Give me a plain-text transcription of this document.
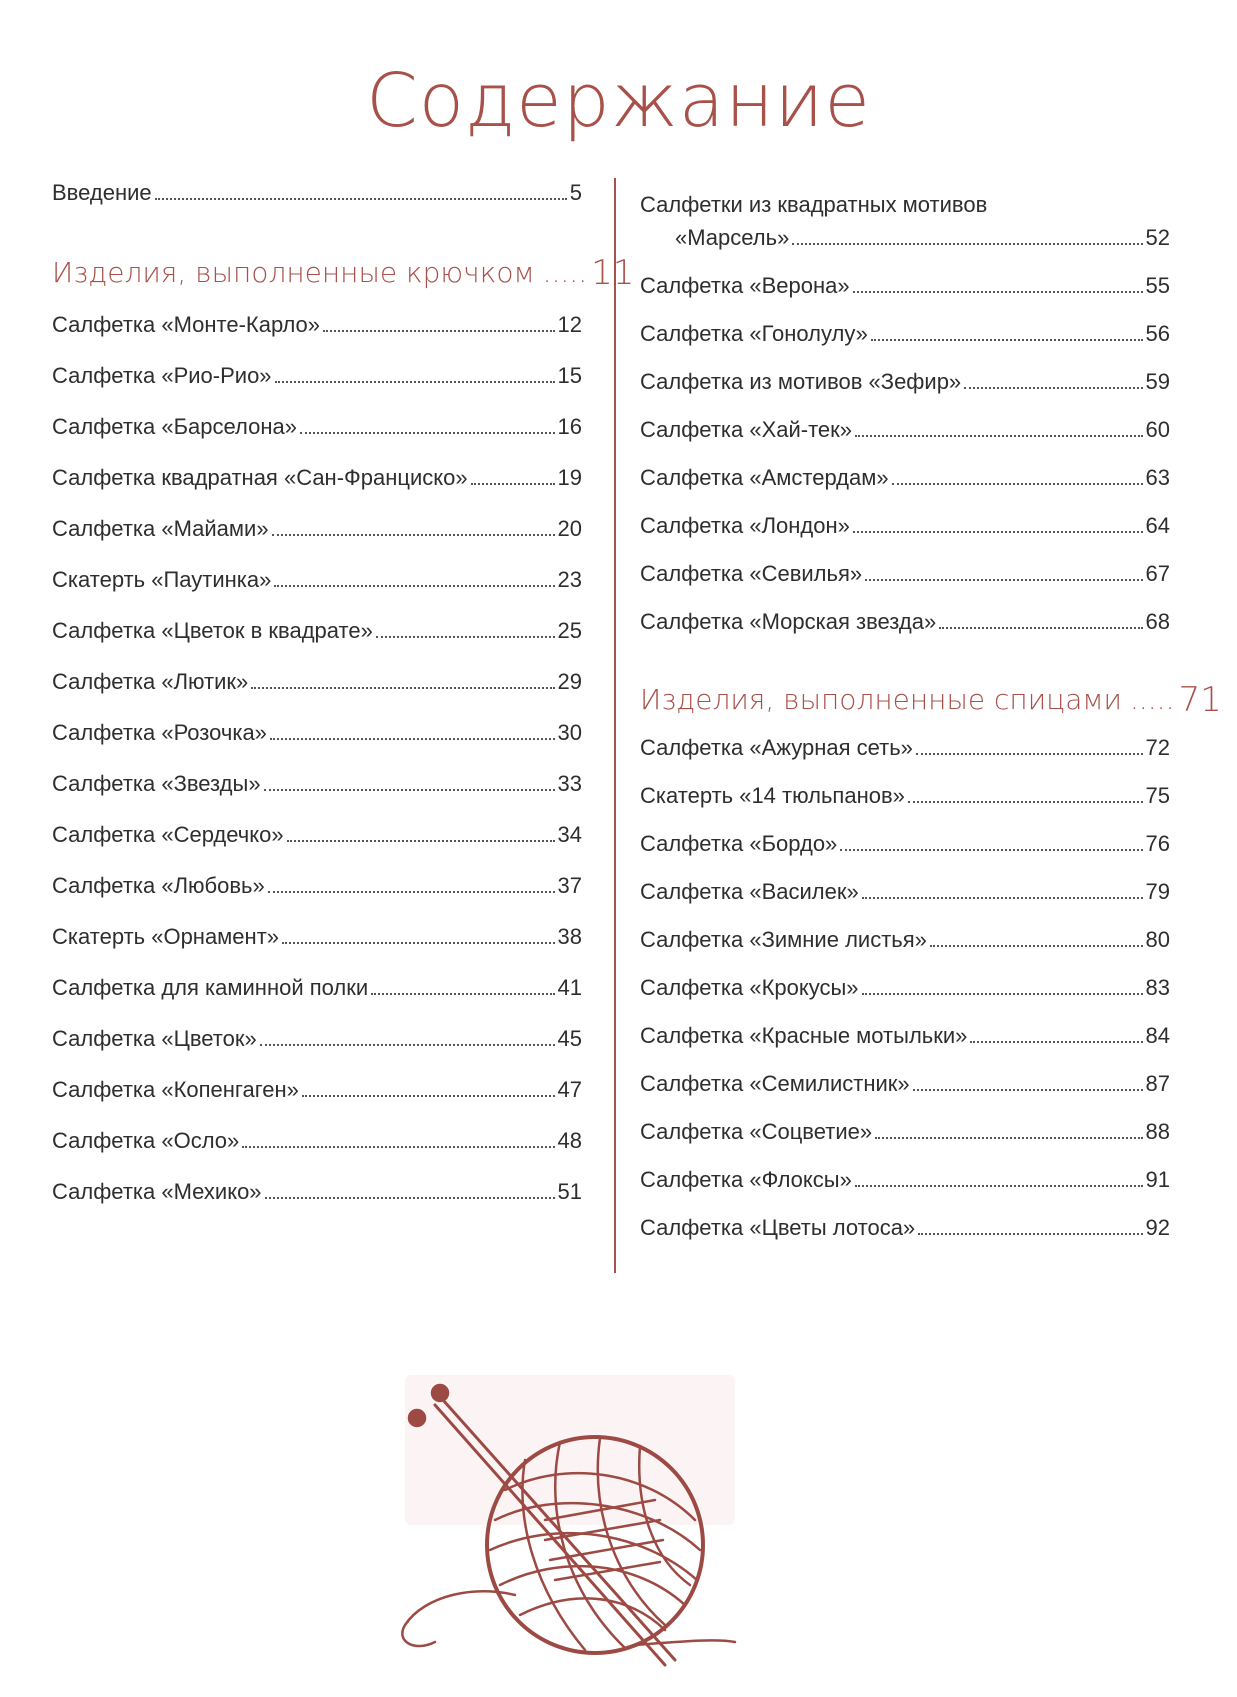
Содержание
Введение	5
Изделия, выполненные крючком ..... 11
Салфетка «Монте-Карло»	12
Салфетка «Рио-Рио»	15
Салфетка «Барселона»	16
Салфетка квадратная «Сан-Франциско»	19
Салфетка «Майами»	20
Скатерть «Паутинка»	23
Салфетка «Цветок в квадрате»	25
Салфетка «Лютик»	29
Салфетка «Розочка»	30
Салфетка «Звезды»	33
Салфетка «Сердечко»	34
Салфетка «Любовь»	37
Скатерть «Орнамент»	38
Салфетка для каминной полки	41
Салфетка «Цветок»	45
Салфетка «Копенгаген»	47
Салфетка «Осло»	48
Салфетка «Мехико»	51
Салфетки из квадратных мотивов
«Марсель»	52
Салфетка «Верона»	55
Салфетка «Гонолулу»	56
Салфетка из мотивов «Зефир»	59
Салфетка «Хай-тек»	60
Салфетка «Амстердам»	63
Салфетка «Лондон»	64
Салфетка «Севилья»	67
Салфетка «Морская звезда»	68
Изделия, выполненные спицами ..... 71
Салфетка «Ажурная сеть»	72
Скатерть «14 тюльпанов»	75
Салфетка «Бордо»	76
Салфетка «Василек»	79
Салфетка «Зимние листья»	80
Салфетка «Крокусы»	83
Салфетка «Красные мотыльки»	84
Салфетка «Семилистник»	87
Салфетка «Соцветие»	88
Салфетка «Флоксы»	91
Салфетка «Цветы лотоса»	92
